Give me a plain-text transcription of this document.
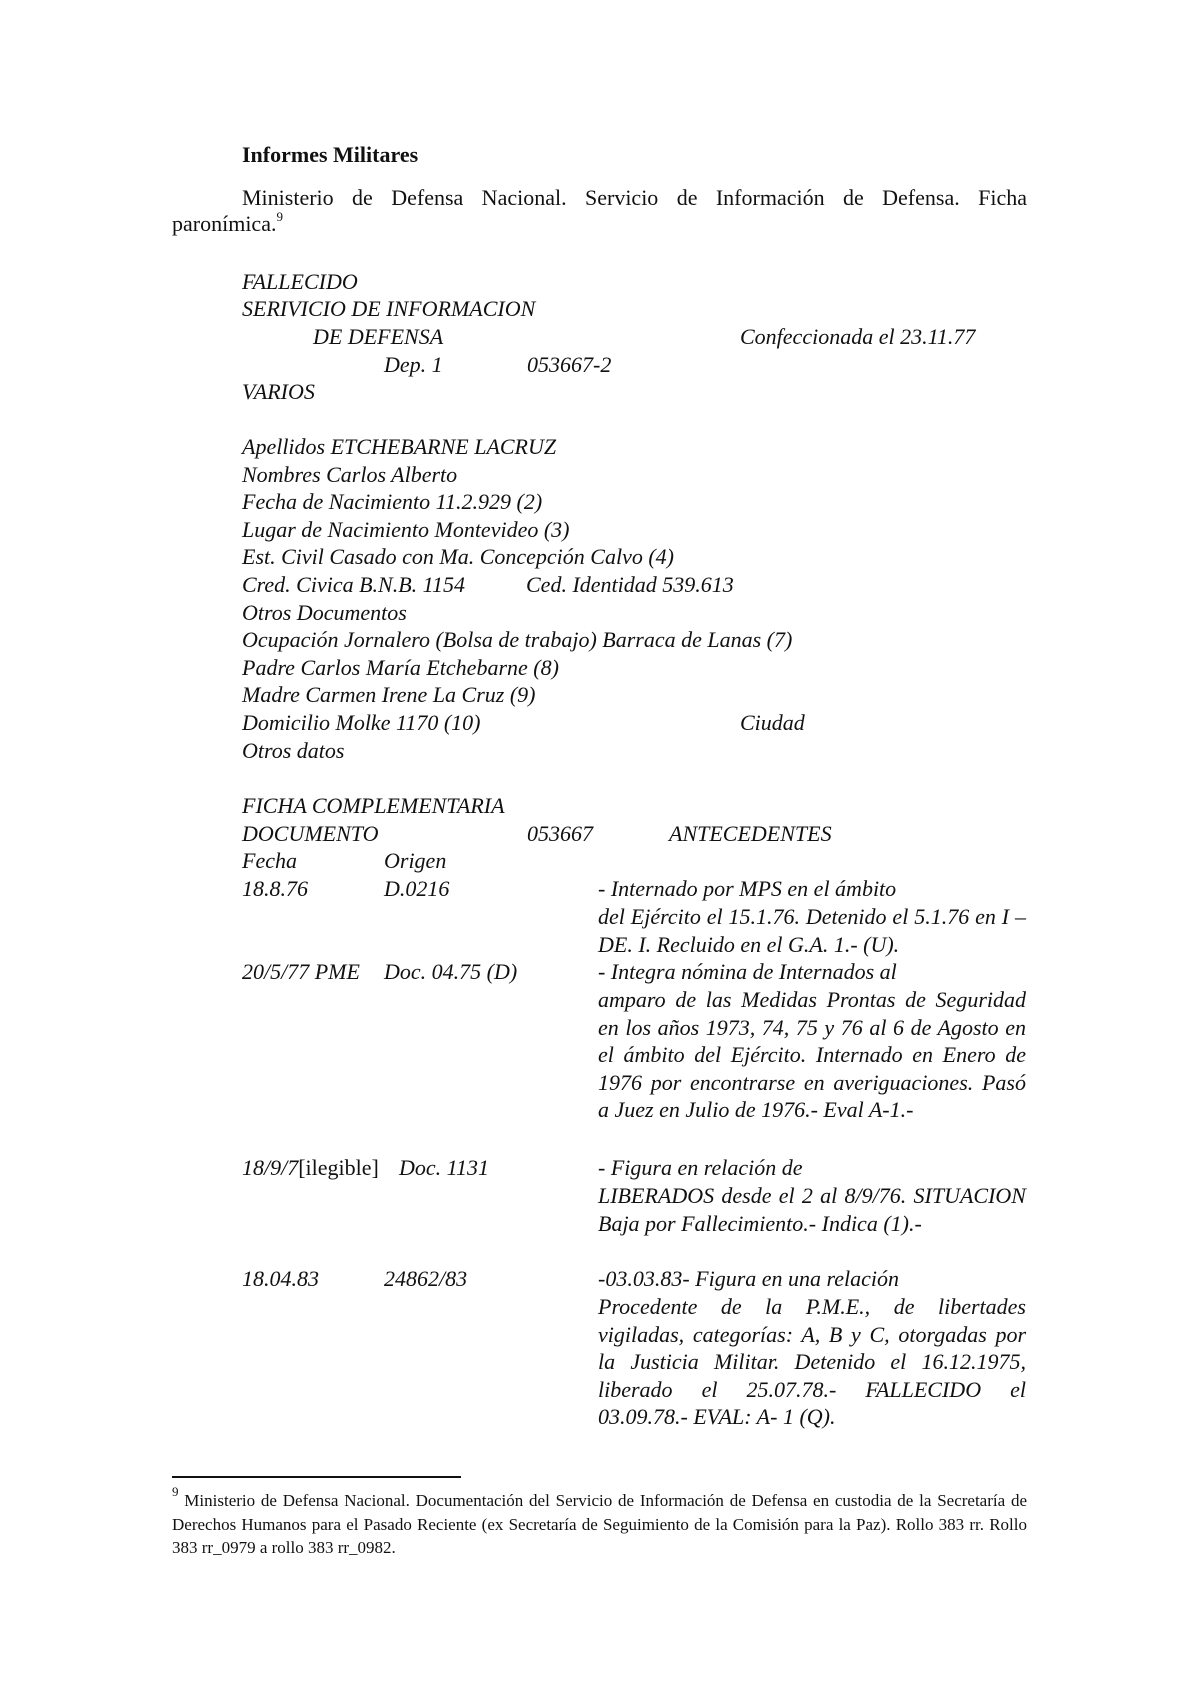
Informes Militares
Ministerio de Defensa Nacional. Servicio de Información de Defensa. Ficha paronímica.$^9$
FALLECIDO
SERIVICIO DE INFORMACION
DE DEFENSA	Confeccionada el 23.11.77
Dep. 1	053667-2
VARIOS
Apellidos ETCHEBARNE LACRUZ
Nombres Carlos Alberto
Fecha de Nacimiento 11.2.929 (2)
Lugar de Nacimiento Montevideo (3)
Est. Civil Casado con Ma. Concepción Calvo (4)
Cred. Civica B.N.B. 1154	Ced. Identidad 539.613
Otros Documentos
Ocupación Jornalero (Bolsa de trabajo) Barraca de Lanas (7)
Padre Carlos María Etchebarne (8)
Madre Carmen Irene La Cruz (9)
Domicilio Molke 1170 (10)	Ciudad
Otros datos
FICHA COMPLEMENTARIA
DOCUMENTO	053667	ANTECEDENTES
Fecha	Origen
18.8.76	D.0216	- Internado por MPS en el ámbito
del Ejército el 15.1.76. Detenido el 5.1.76 en I – DE. I. Recluido en el G.A. 1.- (U).
20/5/77 PME Doc. 04.75 (D)	- Integra nómina de Internados al
amparo de las Medidas Prontas de Seguridad en los años 1973, 74, 75 y 76 al 6 de Agosto en el ámbito del Ejército. Internado en Enero de 1976 por encontrarse en averiguaciones. Pasó a Juez en Julio de 1976.- Eval A-1.-
18/9/7[ilegible] Doc. 1131	- Figura en relación de
LIBERADOS desde el 2 al 8/9/76. SITUACION Baja por Fallecimiento.- Indica (1).-
18.04.83	24862/83	-03.03.83- Figura en una relación
Procedente de la P.M.E., de libertades vigiladas, categorías: A, B y C, otorgadas por la Justicia Militar. Detenido el 16.12.1975, liberado el 25.07.78.- FALLECIDO el 03.09.78.- EVAL: A- 1 (Q).
$^9$ Ministerio de Defensa Nacional. Documentación del Servicio de Información de Defensa en custodia de la Secretaría de Derechos Humanos para el Pasado Reciente (ex Secretaría de Seguimiento de la Comisión para la Paz). Rollo 383 rr. Rollo 383 rr_0979 a rollo 383 rr_0982.
